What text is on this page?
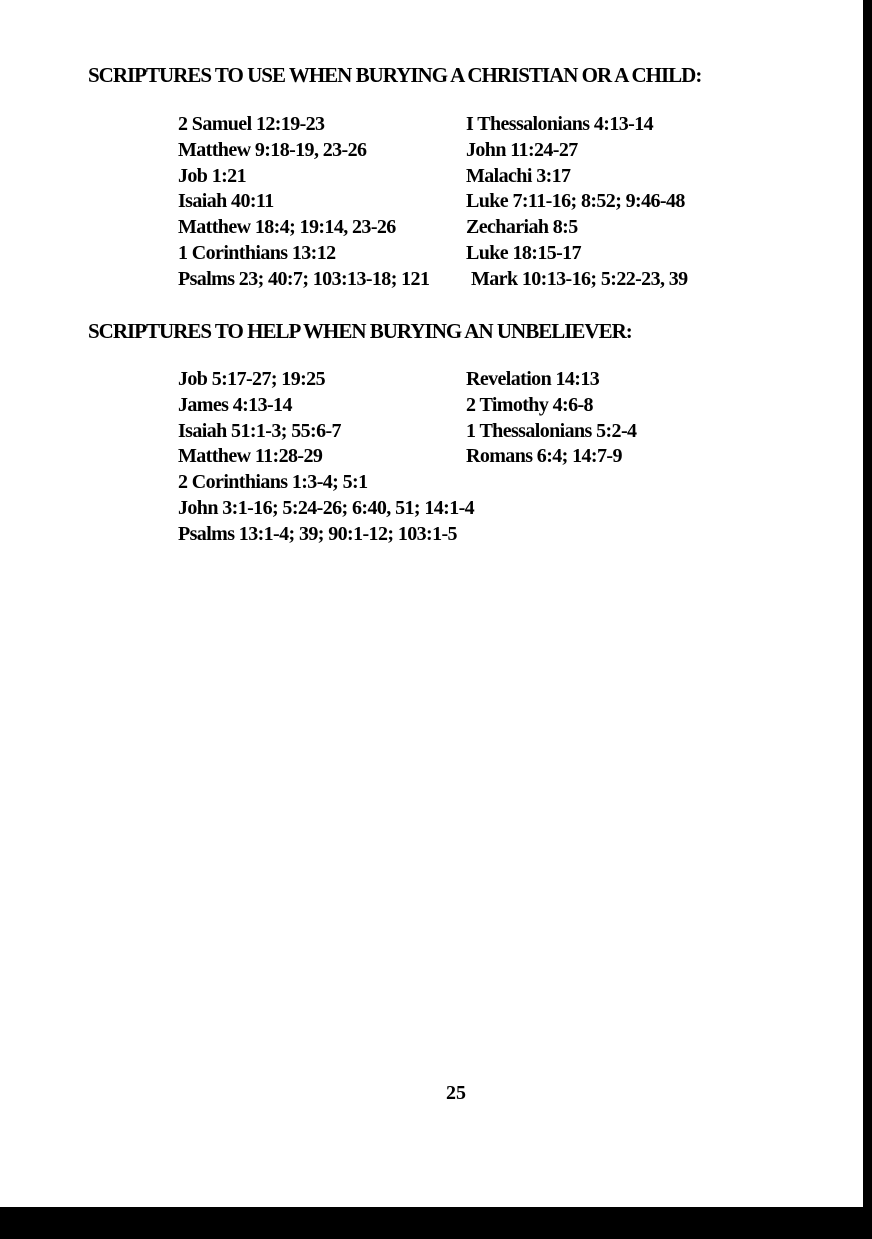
SCRIPTURES TO USE WHEN BURYING A CHRISTIAN OR A CHILD:
2 Samuel 12:19-23
Matthew 9:18-19, 23-26
Job 1:21
Isaiah 40:11
Matthew 18:4; 19:14, 23-26
1 Corinthians 13:12
Psalms 23; 40:7; 103:13-18; 121
I Thessalonians 4:13-14
John 11:24-27
Malachi 3:17
Luke 7:11-16; 8:52; 9:46-48
Zechariah 8:5
Luke 18:15-17
Mark 10:13-16; 5:22-23, 39
SCRIPTURES TO HELP WHEN BURYING AN UNBELIEVER:
Job 5:17-27; 19:25
James 4:13-14
Isaiah 51:1-3; 55:6-7
Matthew 11:28-29
2 Corinthians 1:3-4; 5:1
John 3:1-16; 5:24-26; 6:40, 51; 14:1-4
Psalms 13:1-4; 39; 90:1-12; 103:1-5
Revelation 14:13
2 Timothy 4:6-8
1 Thessalonians 5:2-4
Romans 6:4; 14:7-9
25
